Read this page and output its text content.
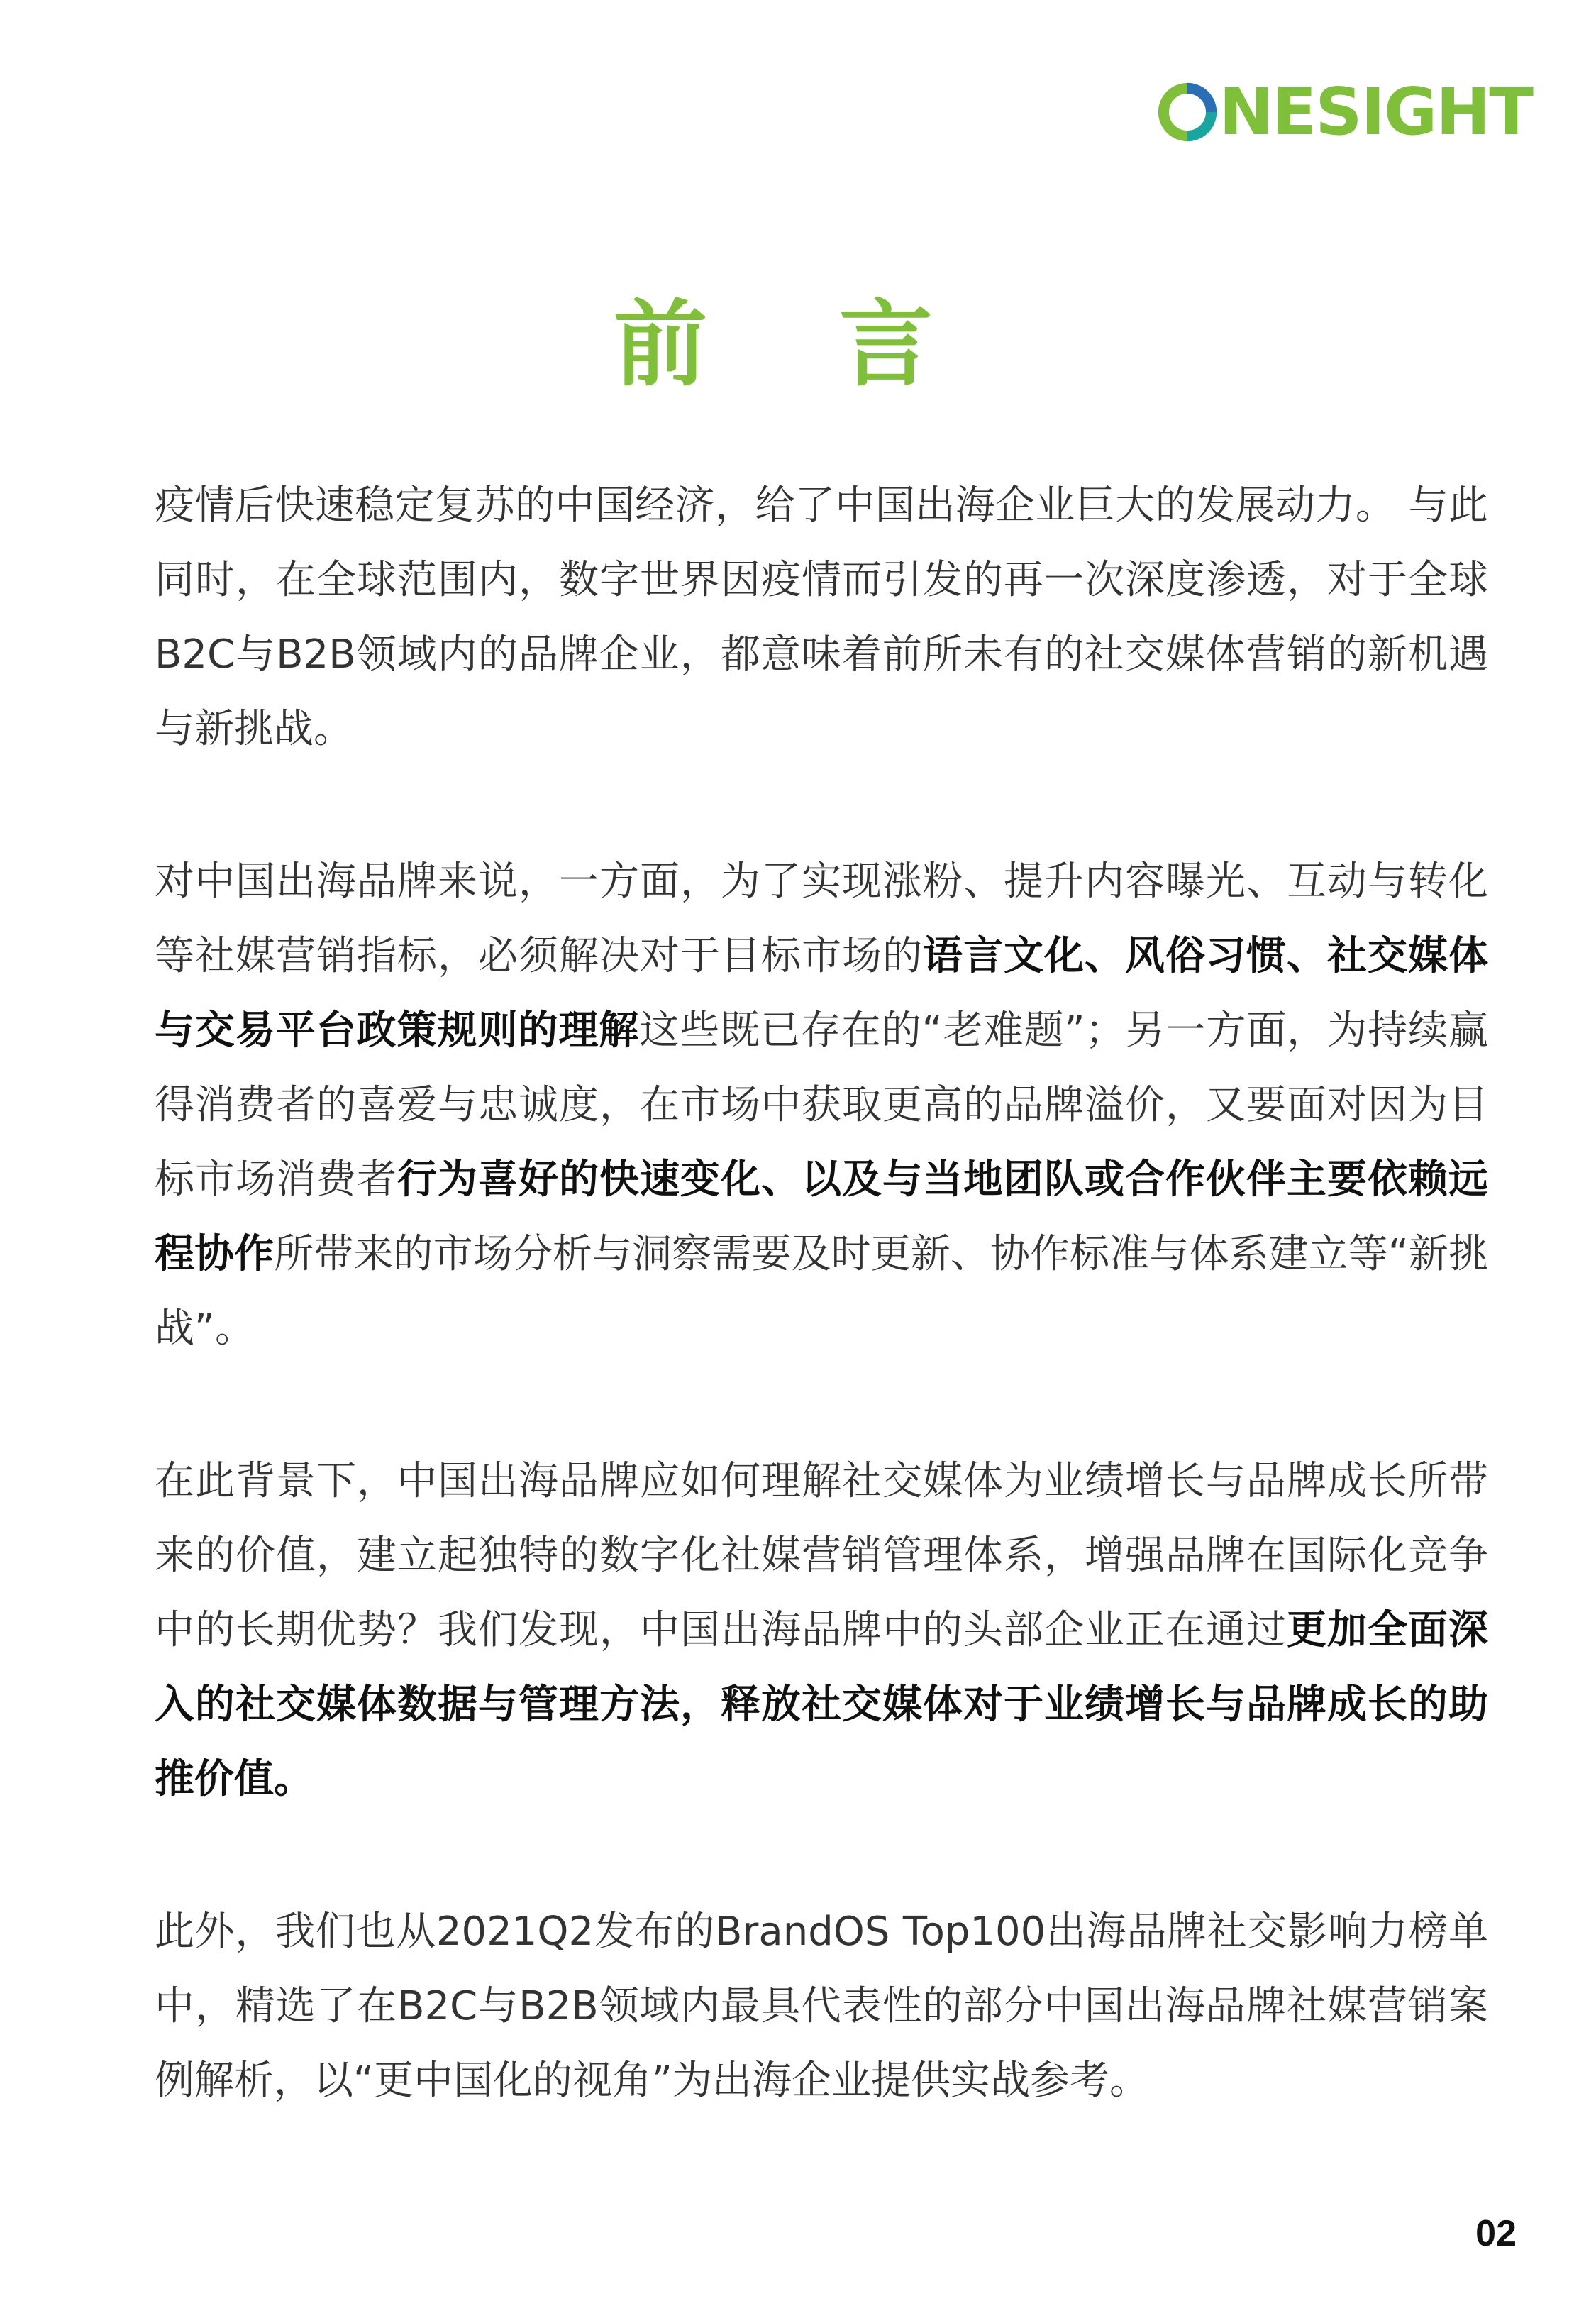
NESIGHT
前 言

疫情后快速稳定复苏的中国经济，给了中国出海企业巨大的发展动力。 与此同时，在全球范围内，数字世界因疫情而引发的再一次深度渗透，对于全球B2C与B2B领域内的品牌企业，都意味着前所未有的社交媒体营销的新机遇与新挑战。

对中国出海品牌来说，一方面，为了实现涨粉、提升内容曝光、互动与转化等社媒营销指标，必须解决对于目标市场的语言文化、风俗习惯、社交媒体与交易平台政策规则的理解这些既已存在的“老难题”；另一方面，为持续赢得消费者的喜爱与忠诚度，在市场中获取更高的品牌溢价，又要面对因为目标市场消费者行为喜好的快速变化、以及与当地团队或合作伙伴主要依赖远程协作所带来的市场分析与洞察需要及时更新、协作标准与体系建立等“新挑战”。

在此背景下，中国出海品牌应如何理解社交媒体为业绩增长与品牌成长所带来的价值，建立起独特的数字化社媒营销管理体系，增强品牌在国际化竞争中的长期优势？我们发现，中国出海品牌中的头部企业正在通过更加全面深入的社交媒体数据与管理方法，释放社交媒体对于业绩增长与品牌成长的助推价值。

此外，我们也从2021Q2发布的BrandOS Top100出海品牌社交影响力榜单中，精选了在B2C与B2B领域内最具代表性的部分中国出海品牌社媒营销案例解析，以“更中国化的视角”为出海企业提供实战参考。

02
